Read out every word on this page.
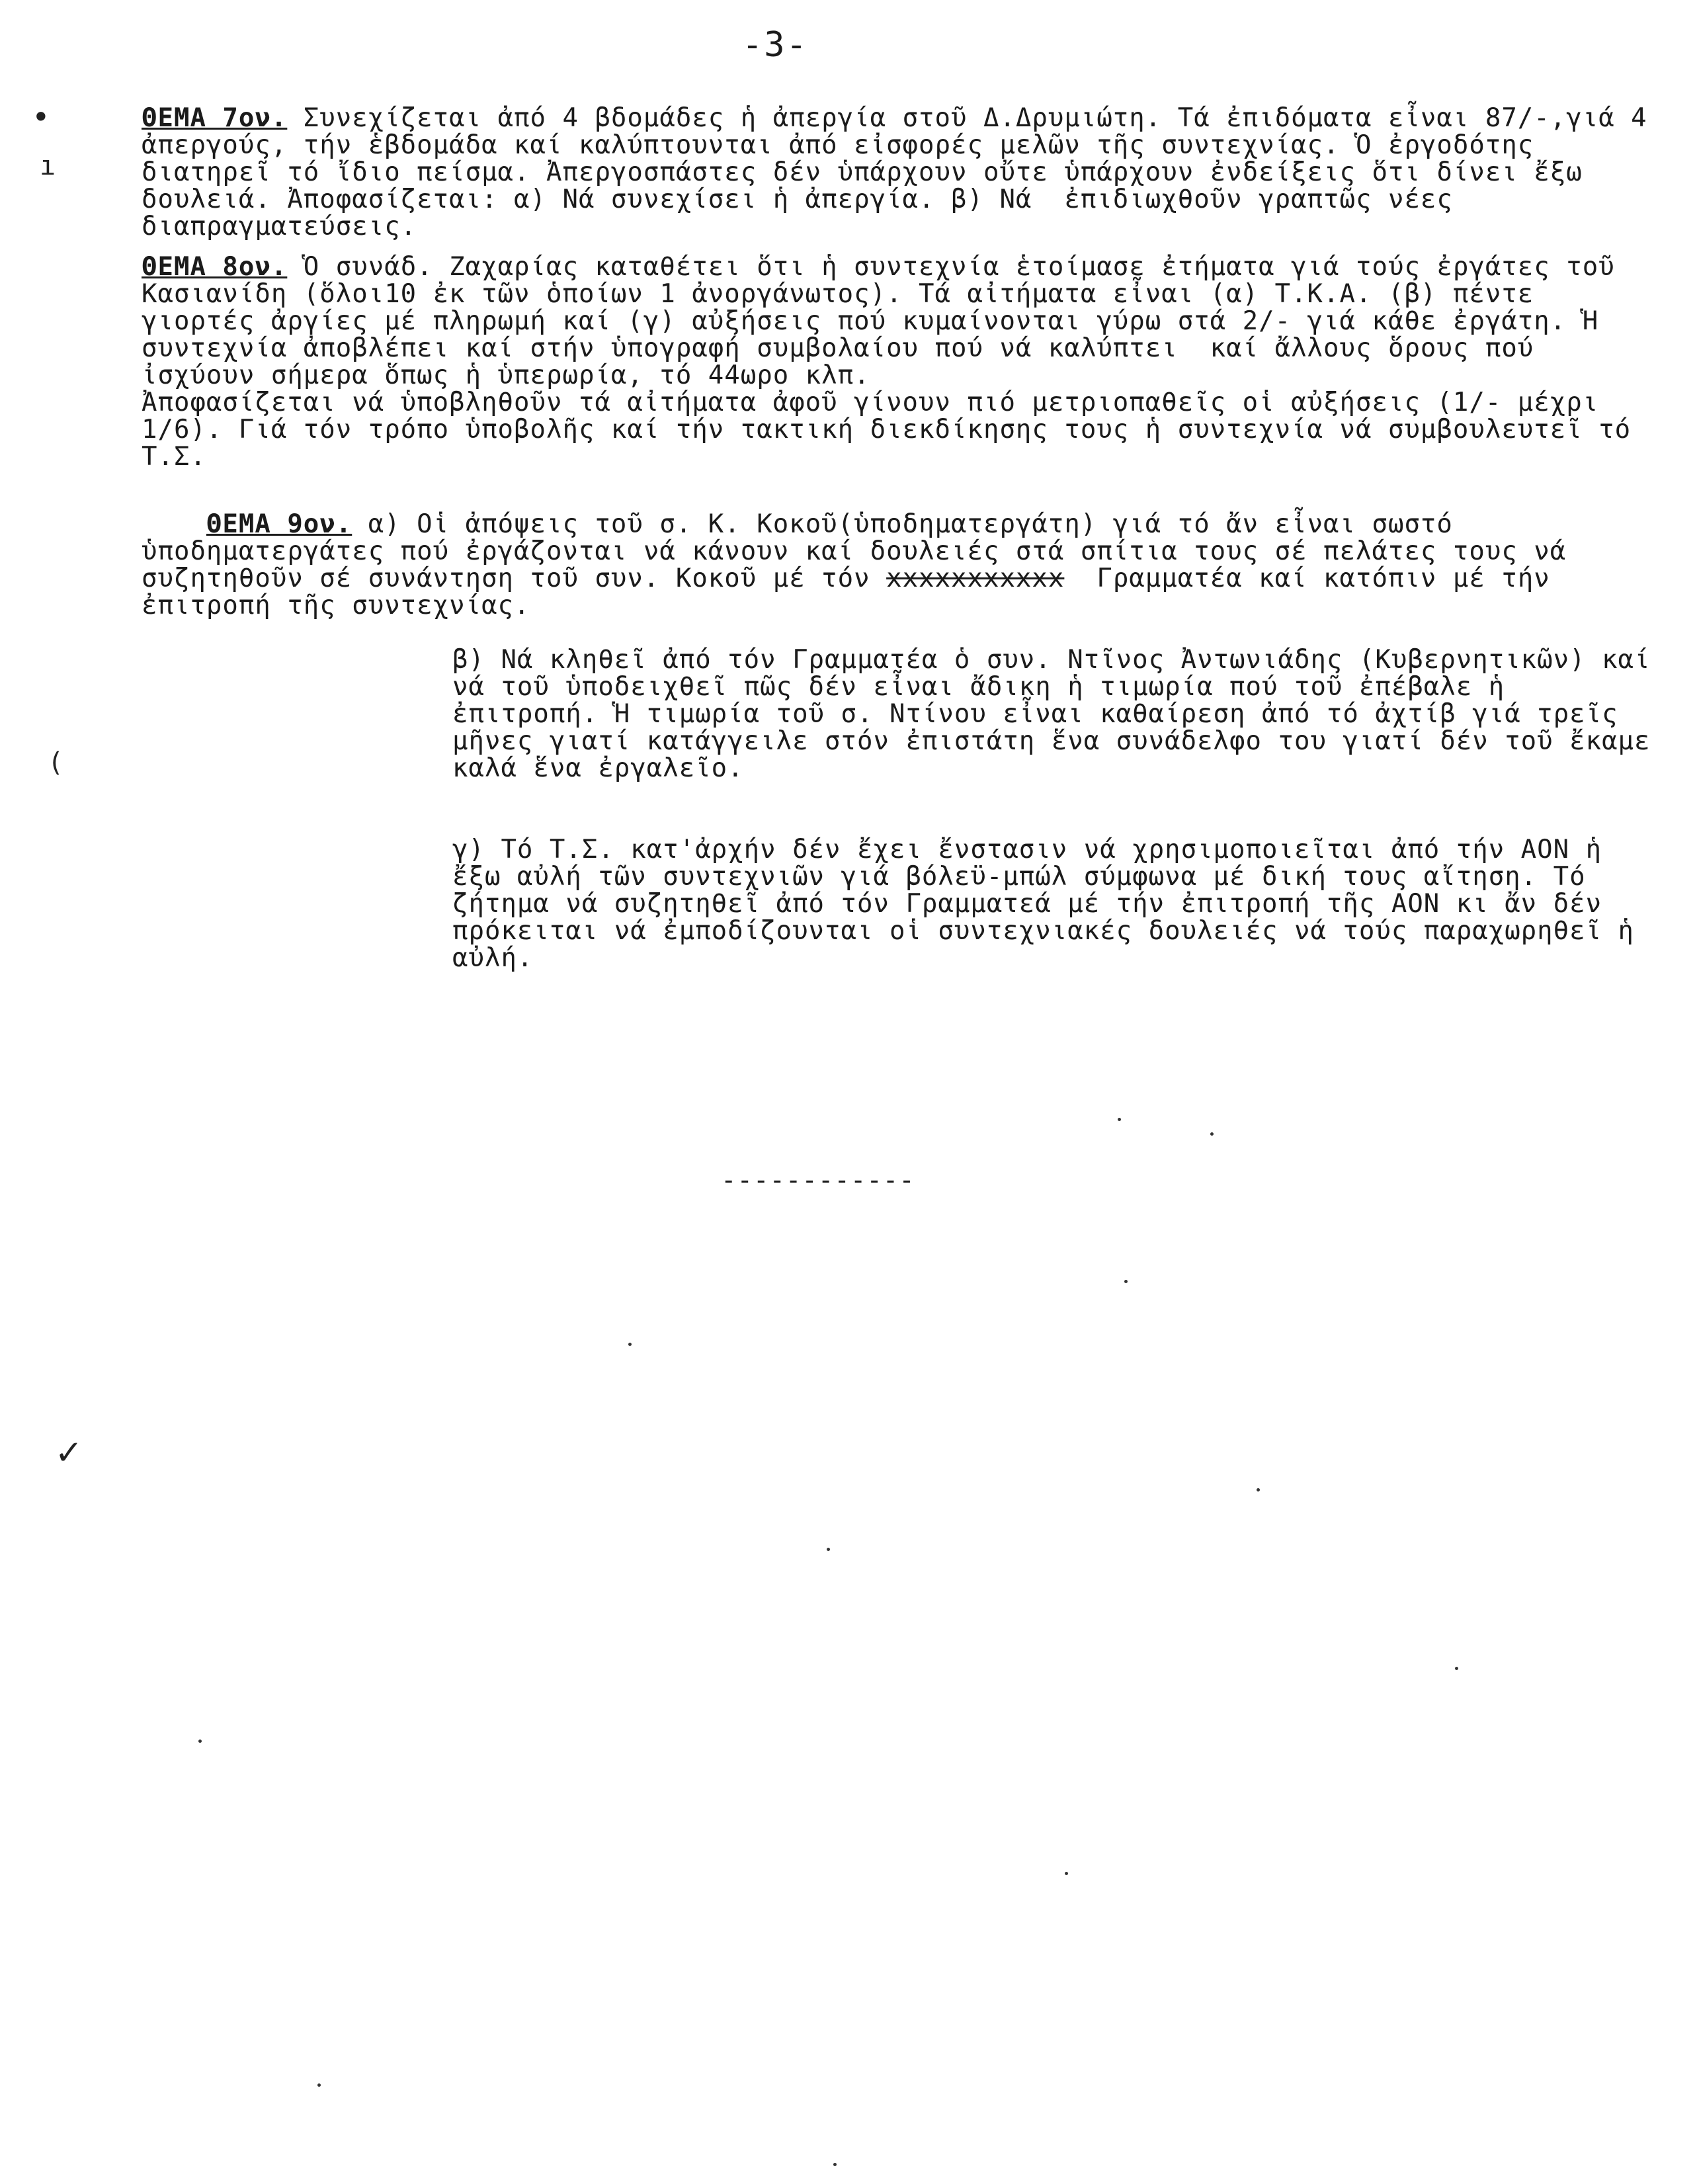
-3-
•
ı
(
✓

ΘΕΜΑ 7ον. Συνεχίζεται ἀπό 4 βδομάδες ἡ ἀπεργία στοῦ Δ.Δρυμιώτη. Τά ἐπιδόματα εἶναι 87/-,γιά 4 ἀπεργούς, τήν ἑβδομάδα καί καλύπτουνται ἀπό εἰσφορές μελῶν τῆς συντεχνίας. Ὁ ἐργοδότης διατηρεῖ τό ἴδιο πείσμα. Ἀπεργοσπάστες δέν ὑπάρχουν οὔτε ὑπάρχουν ἐνδείξεις ὅτι δίνει ἔξω δουλειά. Ἀποφασίζεται: α) Νά συνεχίσει ἡ ἀπεργία. β) Νά  ἐπιδιωχθοῦν γραπτῶς νέες διαπραγματεύσεις.

ΘΕΜΑ 8ον. Ὁ συνάδ. Ζαχαρίας καταθέτει ὅτι ἡ συντεχνία ἑτοίμασε ἐτήματα γιά τούς ἐργάτες τοῦ Κασιανίδη (ὅλοι10 ἐκ τῶν ὁποίων 1 ἀνοργάνωτος). Τά αἰτήματα εἶναι (α) Τ.Κ.Α. (β) πέντε γιορτές ἀργίες μέ πληρωμή καί (γ) αὐξήσεις πού κυμαίνονται γύρω στά 2/- γιά κάθε ἐργάτη. Ἡ συντεχνία ἀποβλέπει καί στήν ὑπογραφή συμβολαίου πού νά καλύπτει  καί ἄλλους ὅρους πού ἰσχύουν σήμερα ὅπως ἡ ὑπερωρία, τό 44ωρο κλπ.
Ἀποφασίζεται νά ὑποβληθοῦν τά αἰτήματα ἀφοῦ γίνουν πιό μετριοπαθεῖς οἱ αὐξήσεις (1/- μέχρι 1/6). Γιά τόν τρόπο ὑποβολῆς καί τήν τακτική διεκδίκησης τους ἡ συντεχνία νά συμβουλευτεῖ τό Τ.Σ.

ΘΕΜΑ 9ον. α) Οἱ ἀπόψεις τοῦ σ. Κ. Κοκοῦ(ὑποδηματεργάτη) γιά τό ἄν εἶναι σωστό ὑποδηματεργάτες πού ἐργάζονται νά κάνουν καί δουλειές στά σπίτια τους σέ πελάτες τους νά συζητηθοῦν σέ συνάντηση τοῦ συν. Κοκοῦ μέ τόν xxxxxxxxxxx  Γραμματέα καί κατόπιν μέ τήν ἐπιτροπή τῆς συντεχνίας.

β) Νά κληθεῖ ἀπό τόν Γραμματέα ὁ συν. Ντῖνος Ἀντωνιάδης (Κυβερνητικῶν) καί νά τοῦ ὑποδειχθεῖ πῶς δέν εἶναι ἄδικη ἡ τιμωρία πού τοῦ ἐπέβαλε ἡ ἐπιτροπή. Ἡ τιμωρία τοῦ σ. Ντίνου εἶναι καθαίρεση ἀπό τό ἀχτίβ γιά τρεῖς μῆνες γιατί κατάγγειλε στόν ἐπιστάτη ἕνα συνάδελφο του γιατί δέν τοῦ ἔκαμε καλά ἕνα ἐργαλεῖο.

γ) Τό Τ.Σ. κατ'ἀρχήν δέν ἔχει ἔνστασιν νά χρησιμοποιεῖται ἀπό τήν ΑΟΝ ἡ ἔξω αὐλή τῶν συντεχνιῶν γιά βόλεϋ-μπώλ σύμφωνα μέ δική τους αἴτηση. Τό ζήτημα νά συζητηθεῖ ἀπό τόν Γραμματεά μέ τήν ἐπιτροπή τῆς ΑΟΝ κι ἄν δέν πρόκειται νά ἐμποδίζουνται οἱ συντεχνιακές δουλειές νά τούς παραχωρηθεῖ ἡ αὐλή.

------------
